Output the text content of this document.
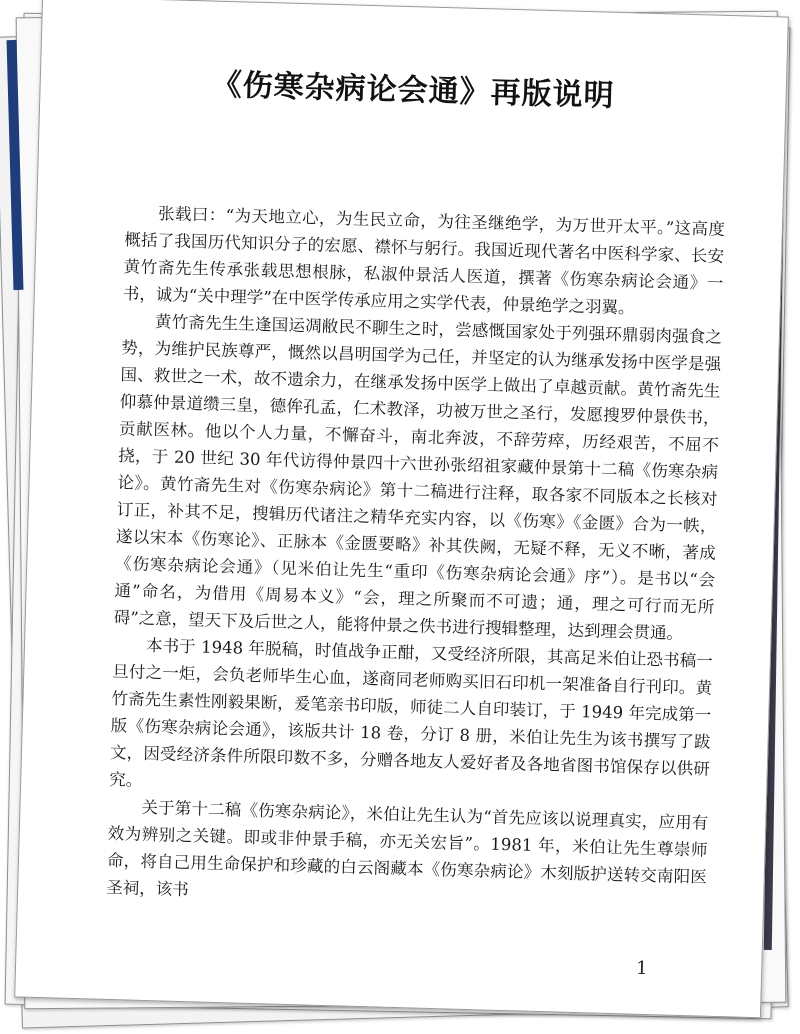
《伤寒杂病论会通》再版说明

张载曰：“为天地立心，为生民立命，为往圣继绝学，为万世开太平。”这高度概括了我国历代知识分子的宏愿、襟怀与躬行。我国近现代著名中医科学家、长安黄竹斋先生传承张载思想根脉，私淑仲景活人医道，撰著《伤寒杂病论会通》一书，诚为“关中理学”在中医学传承应用之实学代表，仲景绝学之羽翼。

黄竹斋先生生逢国运凋敝民不聊生之时，尝感慨国家处于列强环鼎弱肉强食之势，为维护民族尊严，慨然以昌明国学为己任，并坚定的认为继承发扬中医学是强国、救世之一术，故不遗余力，在继承发扬中医学上做出了卓越贡献。黄竹斋先生仰慕仲景道缵三皇，德侔孔孟，仁术教泽，功被万世之圣行，发愿搜罗仲景佚书，贡献医林。他以个人力量，不懈奋斗，南北奔波，不辞劳瘁，历经艰苦，不屈不挠，于 20 世纪 30 年代访得仲景四十六世孙张绍祖家藏仲景第十二稿《伤寒杂病论》。黄竹斋先生对《伤寒杂病论》第十二稿进行注释，取各家不同版本之长核对订正，补其不足，搜辑历代诸注之精华充实内容，以《伤寒》《金匮》合为一帙，遂以宋本《伤寒论》、正脉本《金匮要略》补其佚阙，无疑不释，无义不晰，著成《伤寒杂病论会通》（见米伯让先生“重印《伤寒杂病论会通》序”）。是书以“会通”命名，为借用《周易本义》“会，理之所聚而不可遗；通，理之可行而无所碍”之意，望天下及后世之人，能将仲景之佚书进行搜辑整理，达到理会贯通。

本书于 1948 年脱稿，时值战争正酣，又受经济所限，其高足米伯让恐书稿一旦付之一炬，会负老师毕生心血，遂商同老师购买旧石印机一架准备自行刊印。黄竹斋先生素性刚毅果断，爰笔亲书印版，师徒二人自印装订，于 1949 年完成第一版《伤寒杂病论会通》，该版共计 18 卷，分订 8 册，米伯让先生为该书撰写了跋文，因受经济条件所限印数不多，分赠各地友人爱好者及各地省图书馆保存以供研究。

关于第十二稿《伤寒杂病论》，米伯让先生认为“首先应该以说理真实，应用有效为辨别之关键。即或非仲景手稿，亦无关宏旨”。1981 年，米伯让先生尊崇师命，将自己用生命保护和珍藏的白云阁藏本《伤寒杂病论》木刻版护送转交南阳医圣祠，该书

1
